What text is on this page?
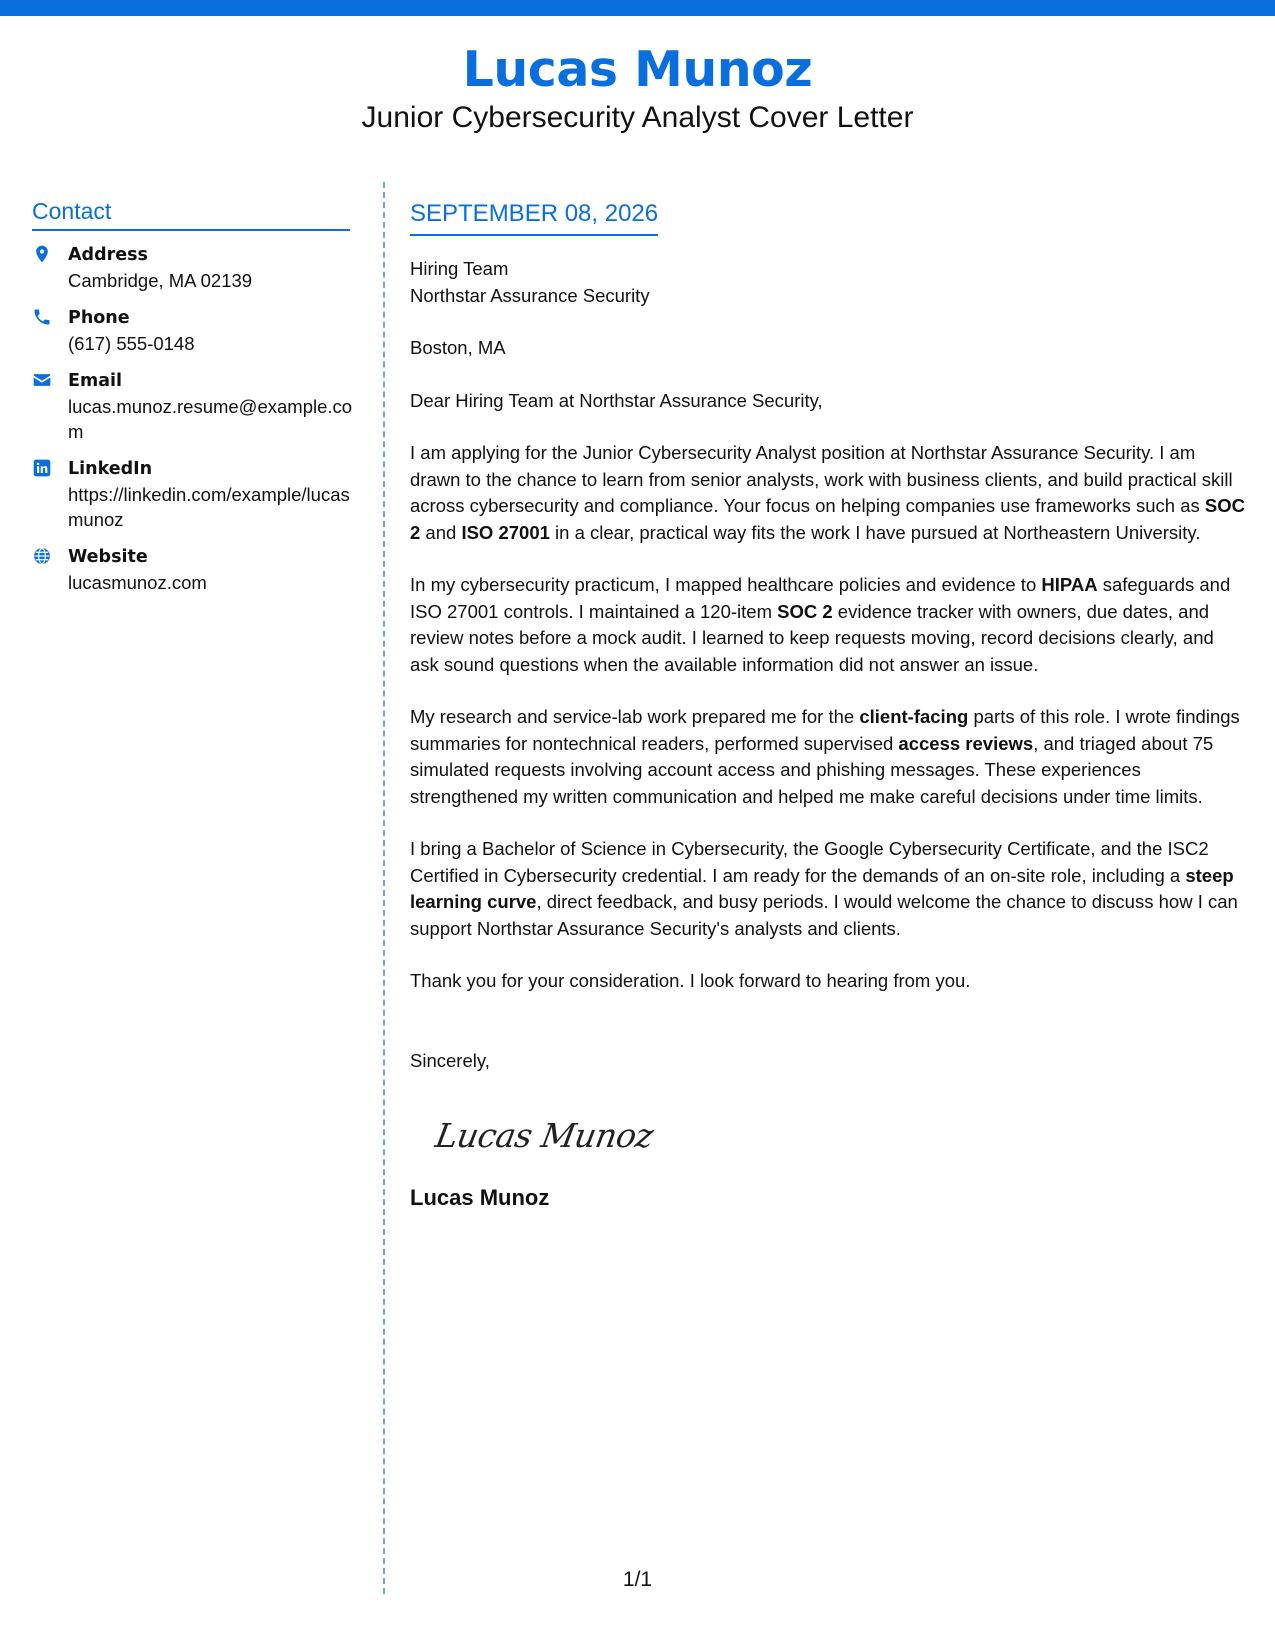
Lucas Munoz
Junior Cybersecurity Analyst Cover Letter
Contact
Address
Cambridge, MA 02139
Phone
(617) 555-0148
Email
lucas.munoz.resume@example.com
LinkedIn
https://linkedin.com/example/lucasmunoz
Website
lucasmunoz.com
SEPTEMBER 08, 2026

Hiring Team

Northstar Assurance Security

Boston, MA

Dear Hiring Team at Northstar Assurance Security,

I am applying for the Junior Cybersecurity Analyst position at Northstar Assurance Security. I am drawn to the chance to learn from senior analysts, work with business clients, and build practical skill across cybersecurity and compliance. Your focus on helping companies use frameworks such as SOC 2 and ISO 27001 in a clear, practical way fits the work I have pursued at Northeastern University.

In my cybersecurity practicum, I mapped healthcare policies and evidence to HIPAA safeguards and ISO 27001 controls. I maintained a 120-item SOC 2 evidence tracker with owners, due dates, and review notes before a mock audit. I learned to keep requests moving, record decisions clearly, and ask sound questions when the available information did not answer an issue.

My research and service-lab work prepared me for the client-facing parts of this role. I wrote findings summaries for nontechnical readers, performed supervised access reviews, and triaged about 75 simulated requests involving account access and phishing messages. These experiences strengthened my written communication and helped me make careful decisions under time limits.

I bring a Bachelor of Science in Cybersecurity, the Google Cybersecurity Certificate, and the ISC2 Certified in Cybersecurity credential. I am ready for the demands of an on-site role, including a steep learning curve, direct feedback, and busy periods. I would welcome the chance to discuss how I can support Northstar Assurance Security's analysts and clients.

Thank you for your consideration. I look forward to hearing from you.

Sincerely,

Lucas Munoz
Lucas Munoz
1/1
